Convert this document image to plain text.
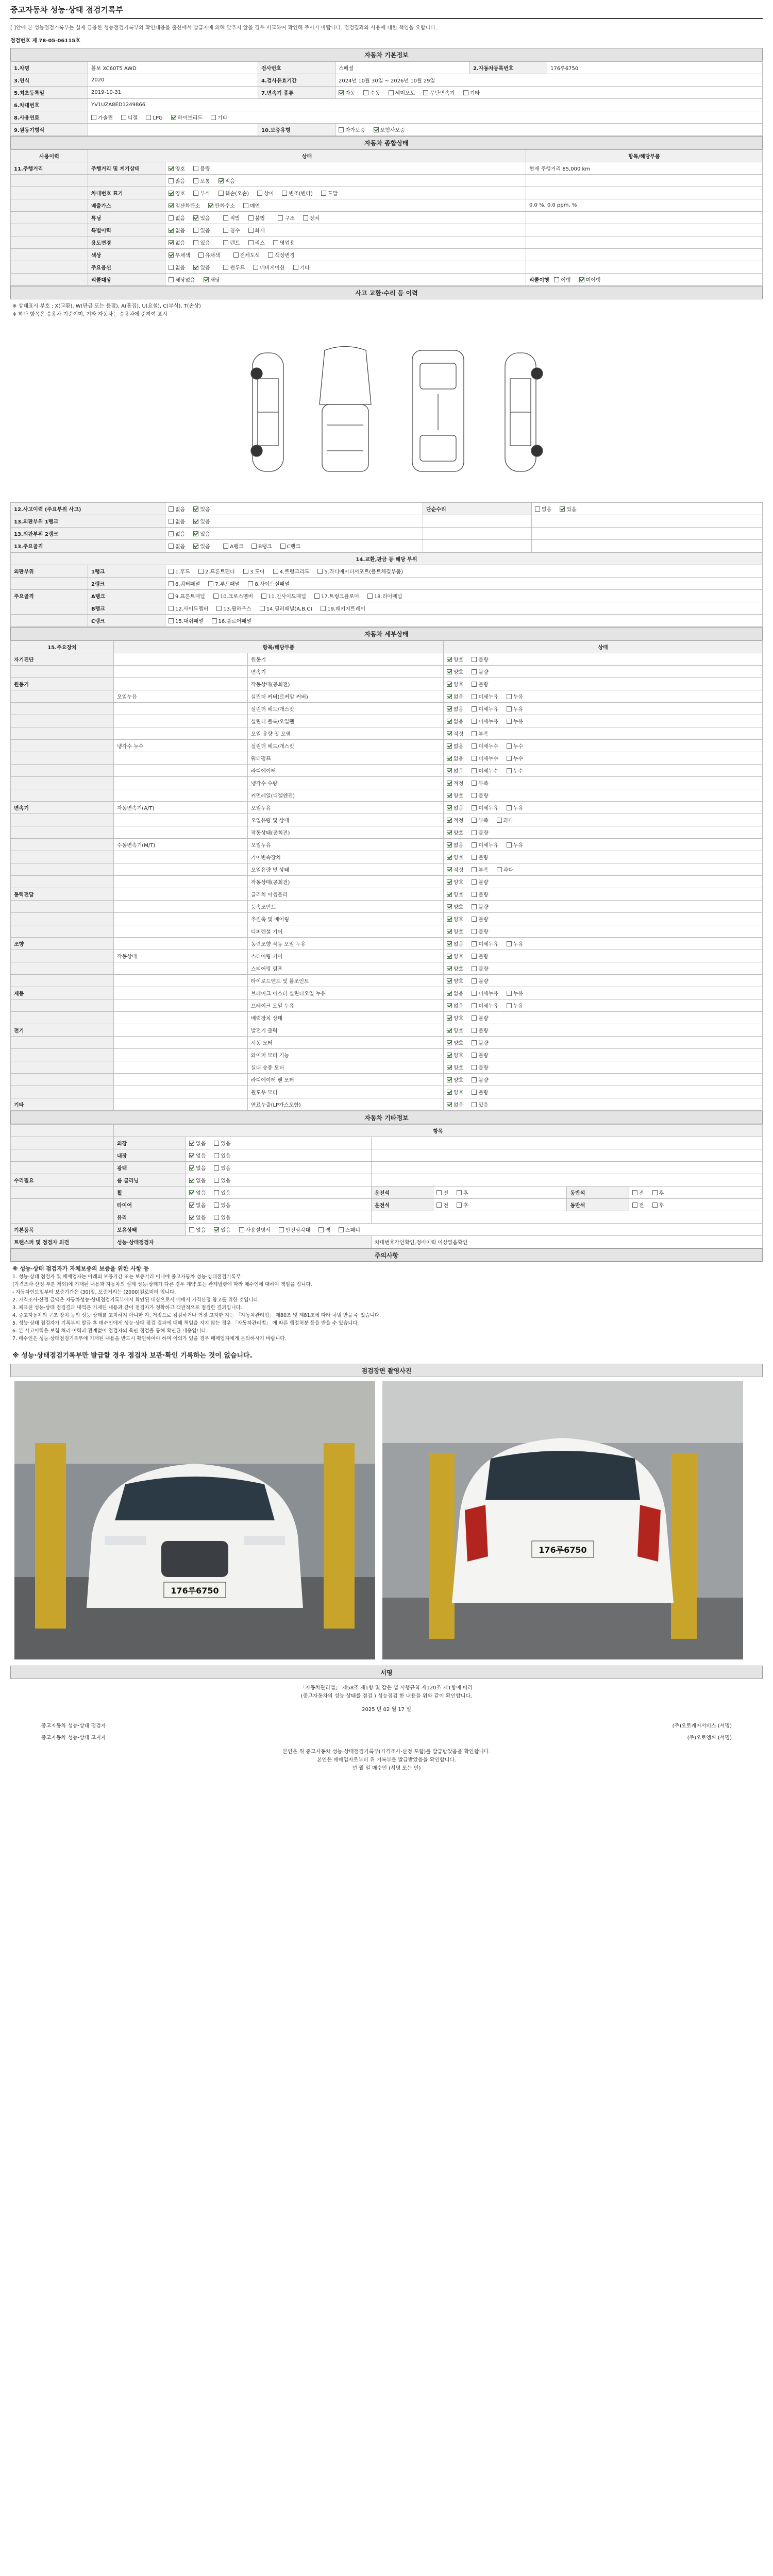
중고자동차 성능·상태 점검기록부
[ ]안에 본 성능점검기록부는 실제 금융한 성능점검기록부의 확인내용을 출신에서 발급자에 의해 맞추지 않을 경우 비교하여 확인해 주시기 바랍니다. 점검결과와 사용에 대한 책임을 요합니다.
점검번호 제 78-05-06115호
자동차 기본정보
1.차명	볼보 XC60T5 AWD	검사번호	스페셜	2.자동차등록번호	176루6750
3.연식	2020	4.검사유효기간	2024년 10월 30일 ~ 2026년 10월 29일		
5.최초등록일	2019-10-31	7.변속기 종류	자동 수동 세미오토 무단변속기 기타		
6.차대번호	YV1UZA8ED1249866				
8.사용연료	가솔린 디젤 LPG 하이브리드 기타				
9.원동기형식		10.보증유형	자가보증 보험사보증		
자동차 종합상태
사용이력	상태		항목/해당부품
11.주행거리	주행거리 및 계기상태	양호 불량	현재 주행거리 85,000 km
		많음 보통 적음	
	차대번호 표기	양호 부식 훼손(오손) 상이 변조(변타) 도말	
	배출가스	일산화탄소 탄화수소 매연	0.0 %, 0.0 ppm, %
	튜닝	없음 있음 적법 불법 구조 장치	
	특별이력	없음 있음 침수 화재	
	용도변경	없음 있음 렌트 리스 영업용	
	색상	무채색 유채색 전체도색 색상변경	
	주요옵션	없음 있음 썬루프 네비게이션 기타	
	리콜대상	해당없음 해당	리콜이행 이행 미이행
사고 교환·수리 등 이력
※ 상태표시 부호 : X(교환), W(판금 또는 용접), A(흠집), U(요철), C(부식), T(손상)
※ 하단 항목은 승용차 기준이며, 기타 자동차는 승용차에 준하여 표시
12.사고이력 (주요부위 사고)	없음 있음	단순수리	없음 있음
13.외판부위 1랭크	없음 있음		
13.외판부위 2랭크	없음 있음		
13.주요골격	없음 있음 A랭크 B랭크 C랭크		
14.교환,판금 등 해당 부위		
외판부위	1랭크	1.후드 2.프론트펜더 3.도어 4.트렁크리드 5.라디에이터서포트(볼트체결부품)
	2랭크	6.쿼터패널 7.루프패널 8.사이드실패널
주요골격	A랭크	9.프론트패널 10.크로스멤버 11.인사이드패널 17.트렁크플로어 18.리어패널
	B랭크	12.사이드멤버 13.휠하우스 14.필러패널(A,B,C) 19.패키지트레이
	C랭크	15.대쉬패널 16.플로어패널
자동차 세부상태
15.주요장치	항목/해당부품		상태
자기진단		원동기	양호 불량
		변속기	양호 불량
원동기		작동상태(공회전)	양호 불량
	오일누유	실린더 커버(로커암 커버)	없음 미세누유 누유
		실린더 헤드/개스킷	없음 미세누유 누유
		실린더 블록/오일팬	없음 미세누유 누유
		오일 유량 및 오염	적정 부족
	냉각수 누수	실린더 헤드/개스킷	없음 미세누수 누수
		워터펌프	없음 미세누수 누수
		라디에이터	없음 미세누수 누수
		냉각수 수량	적정 부족
		커먼레일(디젤엔진)	양호 불량
변속기	자동변속기(A/T)	오일누유	없음 미세누유 누유
		오일유량 및 상태	적정 부족 과다
		작동상태(공회전)	양호 불량
	수동변속기(M/T)	오일누유	없음 미세누유 누유
		기어변속장치	양호 불량
		오일유량 및 상태	적정 부족 과다
		작동상태(공회전)	양호 불량
동력전달		클러치 어셈블리	양호 불량
		등속조인트	양호 불량
		추진축 및 베어링	양호 불량
		디퍼렌셜 기어	양호 불량
조향		동력조향 작동 오일 누유	없음 미세누유 누유
	작동상태	스티어링 기어	양호 불량
		스티어링 펌프	양호 불량
		타이로드엔드 및 볼조인트	양호 불량
제동		브레이크 마스터 실린더오일 누유	없음 미세누유 누유
		브레이크 오일 누유	없음 미세누유 누유
		배력장치 상태	양호 불량
전기		발전기 출력	양호 불량
		시동 모터	양호 불량
		와이퍼 모터 기능	양호 불량
		실내 송풍 모터	양호 불량
		라디에이터 팬 모터	양호 불량
		윈도우 모터	양호 불량
기타		연료누출(LP가스포함)	없음 있음
자동차 기타정보
	항목					
	외장	없음 있음				
	내장	없음 있음				
	광택	없음 있음				
수리필요	룸 클리닝	없음 있음				
	휠	없음 있음	운전석	전 후	동반석	전 후
	타이어	없음 있음	운전석	전 후	동반석	전 후
	유리	없음 있음				
기본품목	보유상태	없음 있음 사용설명서 안전삼각대 잭 스패너				
트랜스퍼 및 점검자 의견	성능·상태점검자		차대번호각인확인,정비이력 이상없음확인			
주의사항
※ 성능·상태 점검자가 자체보증의 보증을 위한 사항 등
1. 성능·상태 점검자 및 매매업자는 아래의 보증기간 또는 보증거리 이내에 중고자동차 성능·상태점검기록부
(가격조사·산정 부분 제외)에 기재된 내용과 자동차의 실제 성능·상태가 다른 경우 계약 또는 관계법령에 따라 매수인에 대하여 책임을 집니다.
- 자동차인도일부터 보증기간은 (30)일, 보증거리는 (2000)킬로미터 입니다.
2. 가격조사·산정 금액은 자동차성능·상태점검기록부에서 확인된 대상으로서 매매시 가격산정 참고를 위한 것입니다.
3. 체크된 성능·상태 점검결과 내역은 기재된 내용과 같이 점검자가 정확하고 객관적으로 점검한 결과입니다.
4. 중고자동차의 구조·장치 등의 성능·상태를 고지하지 아니한 자, 거짓으로 점검하거나 거짓 고지한 자는 「자동차관리법」 제80조 및 제81조에 따라 처벌 받을 수 있습니다.
5. 성능·상태 점검자가 기록부의 발급 후 매수인에게 성능·상태 점검 결과에 대해 책임을 지지 않는 경우 「자동차관리법」 에 따른 행정처분 등을 받을 수 있습니다.
6. 본 사고이력은 보험 처리 이력과 관계없이 점검자의 육안 점검을 통해 확인된 내용입니다.
7. 매수인은 성능·상태점검기록부에 기재된 내용을 반드시 확인하여야 하며 이의가 있을 경우 매매업자에게 문의하시기 바랍니다.
※ 성능·상태점검기록부만 발급할 경우 점검자 보관·확인 기록하는 것이 없습니다.
점검장면 촬영사진
176루6750
176루6750
서명
「자동차관리법」 제58조 제1항 및 같은 법 시행규칙 제120조 제1항에 따라
(중고자동차의 성능·상태를 점검 ) 성능점검 한 내용을 위와 같이 확인합니다.
2025 년 02 월 17 일
중고자동차 성능·상태 점검자	(주)오토케어서비스 (서명)
중고자동차 성능·상태 고지자	(주)오토엠씨 (서명)
본인은 위 중고자동차 성능·상태점검기록부(가격조사·산정 포함)를 발급받았음을 확인합니다.
본인은 매매업자로부터 위 기록부를 발급받았음을 확인합니다.
년 월 일 매수인 (서명 또는 인)
